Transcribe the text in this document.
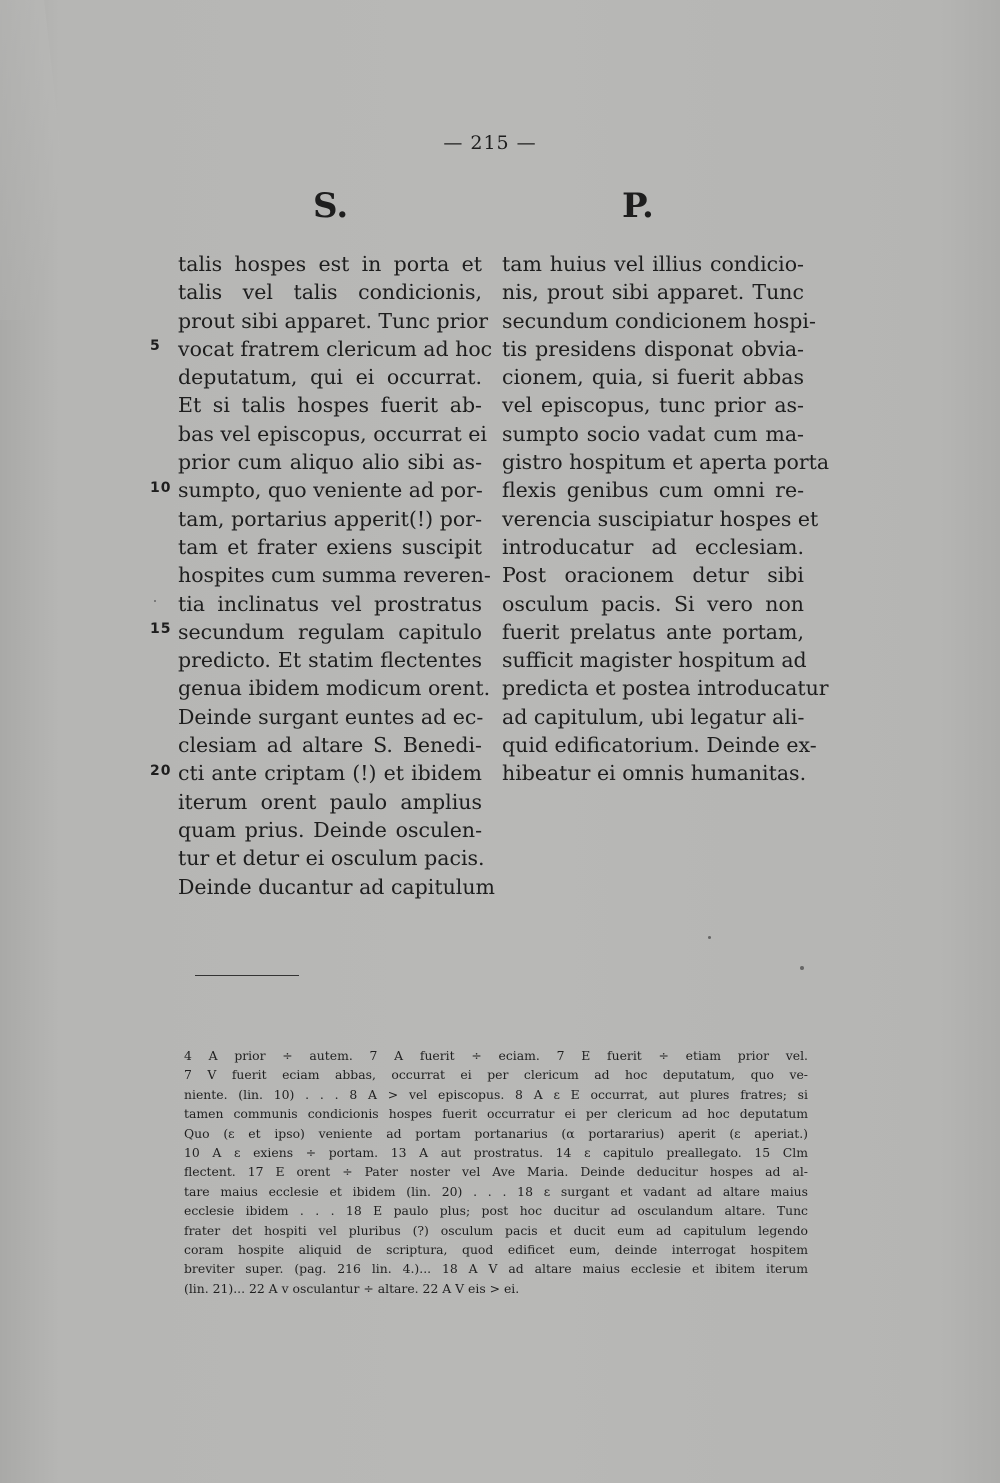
— 215 —
S.	P.
5
10
15
20
talis hospes est in porta et
talis vel talis condicionis,
prout sibi apparet. Tunc prior
vocat fratrem clericum ad hoc
deputatum, qui ei occurrat.
Et si talis hospes fuerit ab-
bas vel episcopus, occurrat ei
prior cum aliquo alio sibi as-
sumpto, quo veniente ad por-
tam, portarius apperit(!) por-
tam et frater exiens suscipit
hospites cum summa reveren-
tia inclinatus vel prostratus
secundum regulam capitulo
predicto. Et statim flectentes
genua ibidem modicum orent.
Deinde surgant euntes ad ec-
clesiam ad altare S. Benedi-
cti ante criptam (!) et ibidem
iterum orent paulo amplius
quam prius. Deinde osculen-
tur et detur ei osculum pacis.
Deinde ducantur ad capitulum
tam huius vel illius condicio-
nis, prout sibi apparet. Tunc
secundum condicionem hospi-
tis presidens disponat obvia-
cionem, quia, si fuerit abbas
vel episcopus, tunc prior as-
sumpto socio vadat cum ma-
gistro hospitum et aperta porta
flexis genibus cum omni re-
verencia suscipiatur hospes et
introducatur ad ecclesiam.
Post oracionem detur sibi
osculum pacis. Si vero non
fuerit prelatus ante portam,
sufficit magister hospitum ad
predicta et postea introducatur
ad capitulum, ubi legatur ali-
quid edificatorium. Deinde ex-
hibeatur ei omnis humanitas.
4 A prior ÷ autem. 7 A fuerit ÷ eciam. 7 E fuerit ÷ etiam prior vel.
7 V fuerit eciam abbas, occurrat ei per clericum ad hoc deputatum, quo ve-
niente. (lin. 10) . . . 8 A > vel episcopus. 8 A ε E occurrat, aut plures fratres; si
tamen communis condicionis hospes fuerit occurratur ei per clericum ad hoc deputatum
Quo (ε et ipso) veniente ad portam portanarius (α portararius) aperit (ε aperiat.)
10 A ε exiens ÷ portam. 13 A aut prostratus. 14 ε capitulo preallegato. 15 Clm
flectent. 17 E orent ÷ Pater noster vel Ave Maria. Deinde deducitur hospes ad al-
tare maius ecclesie et ibidem (lin. 20) . . . 18 ε surgant et vadant ad altare maius
ecclesie ibidem . . . 18 E paulo plus; post hoc ducitur ad osculandum altare. Tunc
frater det hospiti vel pluribus (?) osculum pacis et ducit eum ad capitulum legendo
coram hospite aliquid de scriptura, quod edificet eum, deinde interrogat hospitem
breviter super. (pag. 216 lin. 4.)... 18 A V ad altare maius ecclesie et ibitem iterum
(lin. 21)... 22 A v osculantur ÷ altare. 22 A V eis > ei.
